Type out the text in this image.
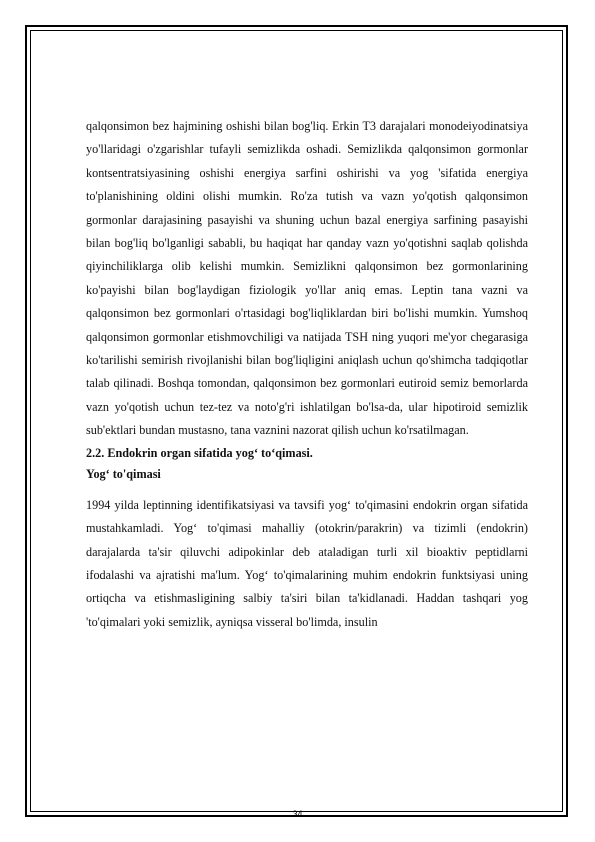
qalqonsimon bez hajmining oshishi bilan bog'liq. Erkin T3 darajalari monodeiyodinatsiya yo'llaridagi o'zgarishlar tufayli semizlikda oshadi. Semizlikda qalqonsimon gormonlar kontsentratsiyasining oshishi energiya sarfini oshirishi va yog 'sifatida energiya to'planishining oldini olishi mumkin. Ro'za tutish va vazn yo'qotish qalqonsimon gormonlar darajasining pasayishi va shuning uchun bazal energiya sarfining pasayishi bilan bog'liq bo'lganligi sababli, bu haqiqat har qanday vazn yo'qotishni saqlab qolishda qiyinchiliklarga olib kelishi mumkin. Semizlikni qalqonsimon bez gormonlarining ko'payishi bilan bog'laydigan fiziologik yo'llar aniq emas. Leptin tana vazni va qalqonsimon bez gormonlari o'rtasidagi bog'liqliklardan biri bo'lishi mumkin. Yumshoq qalqonsimon gormonlar etishmovchiligi va natijada TSH ning yuqori me'yor chegarasiga ko'tarilishi semirish rivojlanishi bilan bog'liqligini aniqlash uchun qo'shimcha tadqiqotlar talab qilinadi. Boshqa tomondan, qalqonsimon bez gormonlari eutiroid semiz bemorlarda vazn yo'qotish uchun tez-tez va noto'g'ri ishlatilgan bo'lsa-da, ular hipotiroid semizlik sub'ektlari bundan mustasno, tana vaznini nazorat qilish uchun ko'rsatilmagan.

2.2. Endokrin organ sifatida yog‘ to‘qimasi.

Yog‘ to'qimasi

1994 yilda leptinning identifikatsiyasi va tavsifi yog‘ to'qimasini endokrin organ sifatida mustahkamladi. Yog‘ to'qimasi mahalliy (otokrin/parakrin) va tizimli (endokrin) darajalarda ta'sir qiluvchi adipokinlar deb ataladigan turli xil bioaktiv peptidlarni ifodalashi va ajratishi ma'lum. Yog‘ to'qimalarining muhim endokrin funktsiyasi uning ortiqcha va etishmasligining salbiy ta'siri bilan ta'kidlanadi. Haddan tashqari yog 'to'qimalari yoki semizlik, ayniqsa visseral bo'limda, insulin

34
